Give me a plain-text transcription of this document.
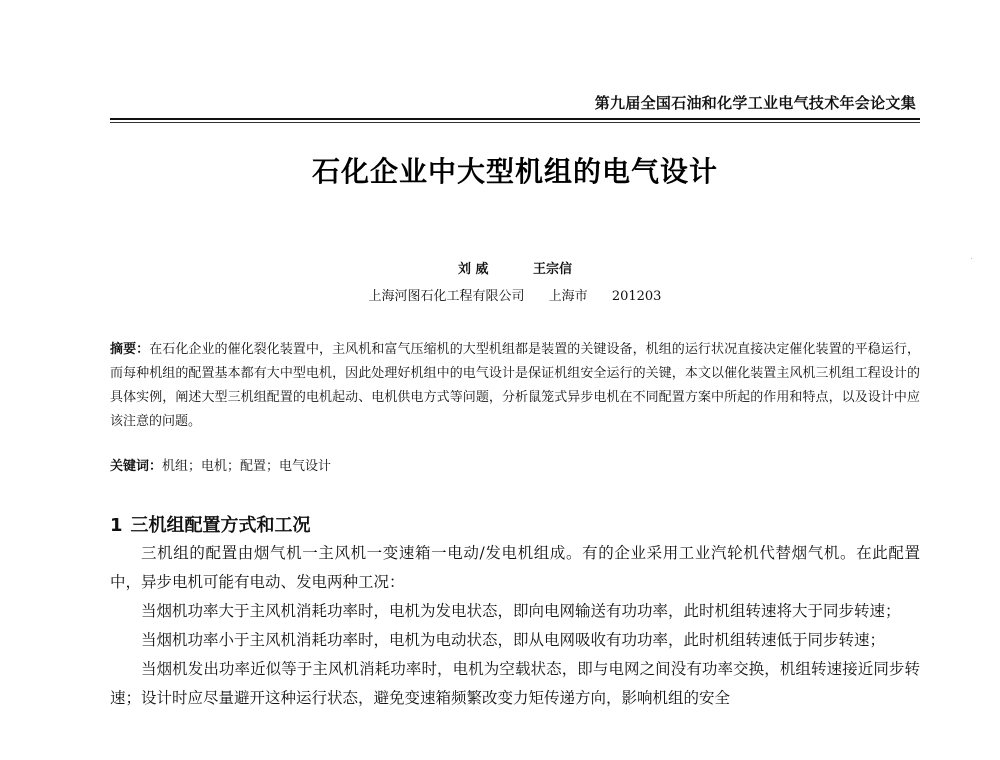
第九届全国石油和化学工业电气技术年会论文集
石化企业中大型机组的电气设计
刘 威	王宗信
上海河图石化工程有限公司 上海市 201203
摘要：在石化企业的催化裂化装置中，主风机和富气压缩机的大型机组都是装置的关键设备，机组的运行状况直接决定催化装置的平稳运行，而每种机组的配置基本都有大中型电机，因此处理好机组中的电气设计是保证机组安全运行的关键，本文以催化装置主风机三机组工程设计的具体实例，阐述大型三机组配置的电机起动、电机供电方式等问题，分析鼠笼式异步电机在不同配置方案中所起的作用和特点，以及设计中应该注意的问题。
关键词：机组；电机；配置；电气设计
1 三机组配置方式和工况

三机组的配置由烟气机一主风机一变速箱一电动/发电机组成。有的企业采用工业汽轮机代替烟气机。在此配置中，异步电机可能有电动、发电两种工况：

当烟机功率大于主风机消耗功率时，电机为发电状态，即向电网输送有功功率，此时机组转速将大于同步转速；

当烟机功率小于主风机消耗功率时，电机为电动状态，即从电网吸收有功功率，此时机组转速低于同步转速；

当烟机发出功率近似等于主风机消耗功率时，电机为空载状态，即与电网之间没有功率交换，机组转速接近同步转速；设计时应尽量避开这种运行状态，避免变速箱频繁改变力矩传递方向，影响机组的安全
